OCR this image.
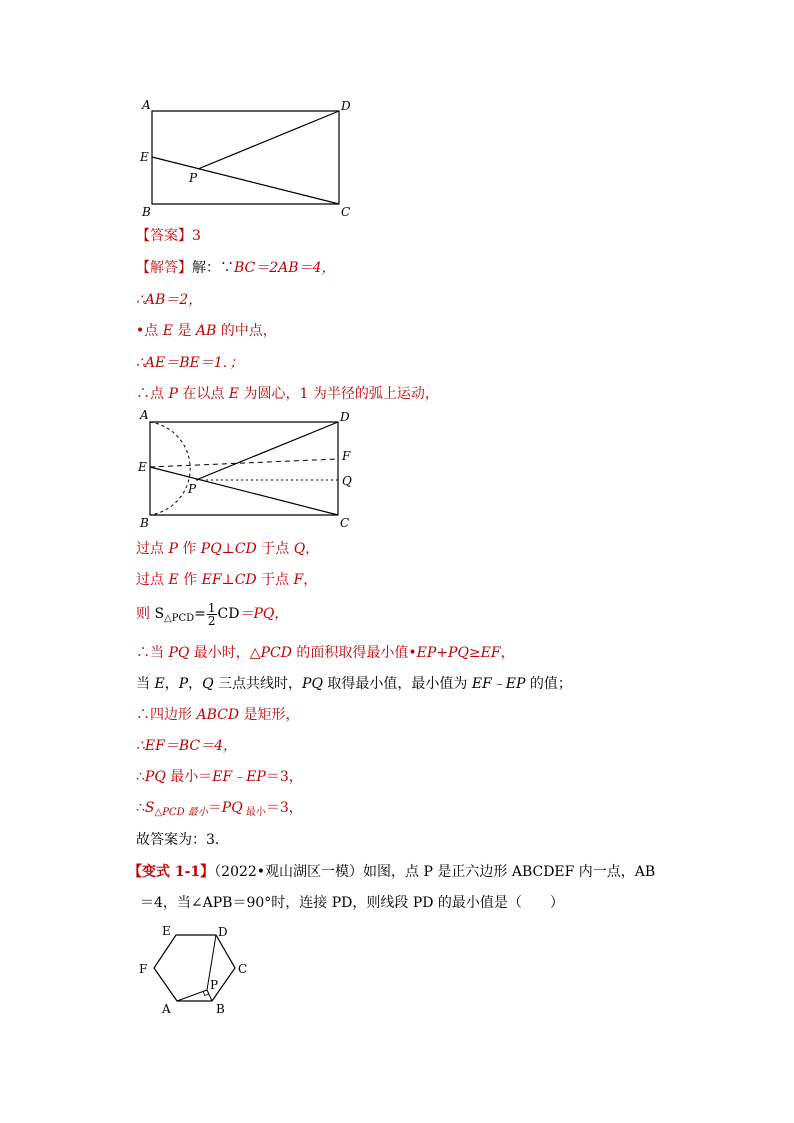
A	D
E
P
B	C
【答案】3
【解答】解：∵BC＝2AB＝4，
∴AB＝2，
•点 E 是 AB 的中点，
∴AE＝BE＝1．；
∴点 P 在以点 E 为圆心，1 为半径的弧上运动，
A	D
E
F
P
Q
B	C
过点 P 作 PQ⊥CD 于点 Q，
过点 E 作 EF⊥CD 于点 F，
则 $S_{\triangle PCD}= \frac{1}{2} CD=PQ$，
∴当 PQ 最小时，△PCD 的面积取得最小值•EP+PQ≥EF，
当 E，P，Q 三点共线时，PQ 取得最小值，最小值为 EF﹣EP 的值；
∴四边形 ABCD 是矩形，
∴EF＝BC＝4，
∴PQ 最小＝EF﹣EP＝3，
$\therefore S_{\triangle PCD 最小}=PQ$ $_{最小}$＝3，
故答案为：3．
【变式 1-1】（2022•观山湖区一模）如图，点 P 是正六边形 ABCDEF 内一点，AB
＝4，当∠APB＝90°时，连接 PD，则线段 PD 的最小值是（　　）
E	D
F	C
P
A	B
